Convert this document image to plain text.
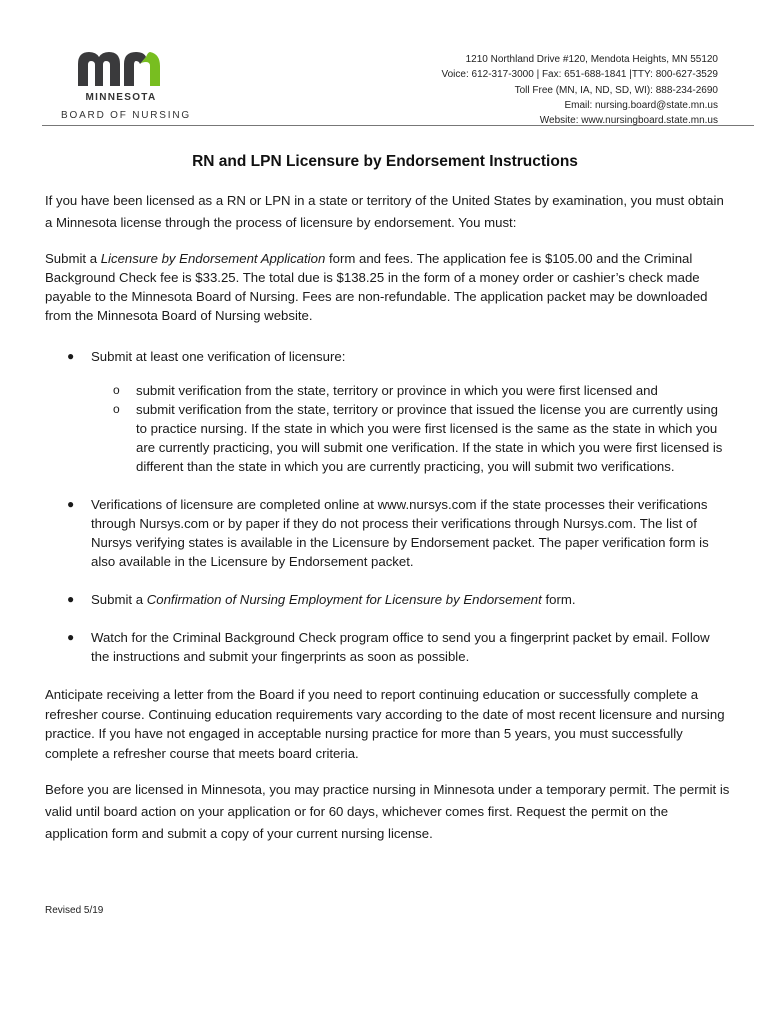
MINNESOTA
BOARD OF NURSING
1210 Northland Drive #120, Mendota Heights, MN 55120
Voice: 612-317-3000 | Fax: 651-688-1841 |TTY: 800-627-3529
Toll Free (MN, IA, ND, SD, WI): 888-234-2690
Email: nursing.board@state.mn.us
Website: www.nursingboard.state.mn.us
RN and LPN Licensure by Endorsement Instructions

If you have been licensed as a RN or LPN in a state or territory of the United States by examination, you must obtain a Minnesota license through the process of licensure by endorsement. You must:

Submit a Licensure by Endorsement Application form and fees. The application fee is $105.00 and the Criminal Background Check fee is $33.25. The total due is $138.25 in the form of a money order or cashier’s check made payable to the Minnesota Board of Nursing. Fees are non-refundable. The application packet may be downloaded from the Minnesota Board of Nursing website.

● Submit at least one verification of licensure:
o submit verification from the state, territory or province in which you were first licensed and
o submit verification from the state, territory or province that issued the license you are currently using to practice nursing. If the state in which you were first licensed is the same as the state in which you are currently practicing, you will submit one verification. If the state in which you were first licensed is different than the state in which you are currently practicing, you will submit two verifications.
● Verifications of licensure are completed online at www.nursys.com if the state processes their verifications through Nursys.com or by paper if they do not process their verifications through Nursys.com. The list of Nursys verifying states is available in the Licensure by Endorsement packet. The paper verification form is also available in the Licensure by Endorsement packet.
● Submit a Confirmation of Nursing Employment for Licensure by Endorsement form.
● Watch for the Criminal Background Check program office to send you a fingerprint packet by email. Follow the instructions and submit your fingerprints as soon as possible.

Anticipate receiving a letter from the Board if you need to report continuing education or successfully complete a refresher course. Continuing education requirements vary according to the date of most recent licensure and nursing practice. If you have not engaged in acceptable nursing practice for more than 5 years, you must successfully complete a refresher course that meets board criteria.

Before you are licensed in Minnesota, you may practice nursing in Minnesota under a temporary permit. The permit is valid until board action on your application or for 60 days, whichever comes first. Request the permit on the application form and submit a copy of your current nursing license.

Revised 5/19
